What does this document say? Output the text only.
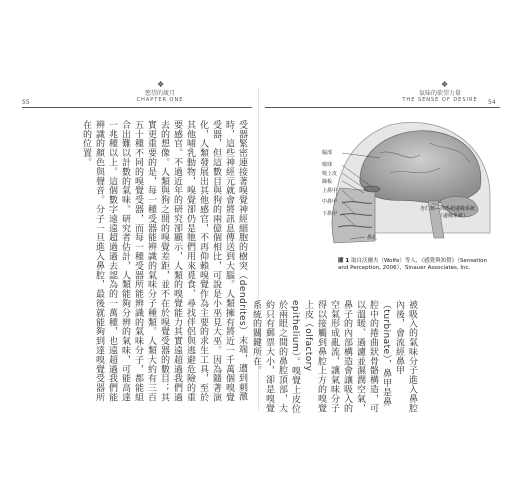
❖	❖
慾望的歲月
CHAPTER ONE
氣味的欲望力量
THE SENSE OF DESIRE
55	54
受器緊密連接著嗅覺神經細胞的樹突（dendrites）末端，遭到刺激時，這些神經元就會將訊息傳送到大腦。人類擁有將近一千萬個嗅覺受器，但這數目與狗的兩億個相比，可說是小巫見大巫。因為隨著演化，人類發展出其他感官，不再仰賴嗅覺作為主要的求生工具，至於其他哺乳動物，嗅覺卻仍是牠們用來覓食、尋找伴侶與逃避危險的重要感官。不過近年的研究卻顯示，人類的嗅覺能力其實遠超過我們過去的想像。人類與狗之間的嗅覺差距，並不在於嗅覺受器的數目；其實更重要的是，每一種受器能辨識的氣味分子種類。人類大約有三百五十種不同的嗅覺受器，而每一種受器所能辨識的氣味分子，都能組合出難以計數的氣味。研究者估計，人類能夠分辨的氣味，可能高達一兆種以上。這個數字遠遠超過過去認為的一萬種，也遠超過我們能辨識的顏色與聲音。分子一旦進入鼻腔，最後就能夠到達嗅覺受器所在的位置。	腦部
嗅球
嗅上皮
篩板
上鼻甲
中鼻甲
下鼻甲
鼻孔
杏仁核—海馬迴邊緣系統
（邊緣系統）
圖 1 取自沃爾夫（Wolfe）等人，《感覺與知覺》（Sensation and Perception, 2006），Sinauer Associates, Inc.
被吸入的氣味分子進入鼻腔內後，會流經鼻甲（turbinate），鼻甲是鼻腔中的捲曲狀骨骼構造，可以溫暖、過濾並濕潤空氣，鼻子的內部構造會讓吸入的空氣形成亂流，讓氣味分子得以接觸到鼻腔上方的嗅覺上皮（olfactory epithelium）。嗅覺上皮位於兩眼之間的鼻腔頂部，大約只有郵票大小，卻是嗅覺系統的關鍵所在。
